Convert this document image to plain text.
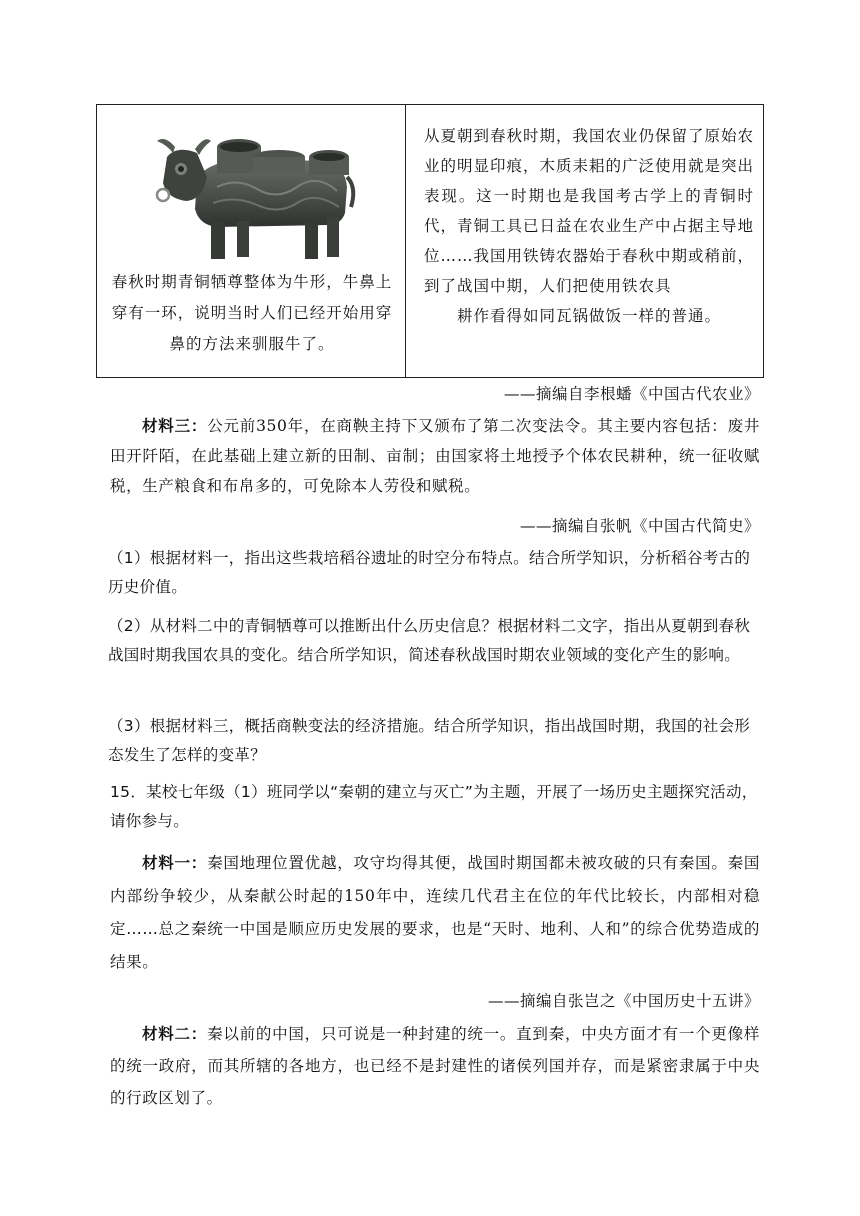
春秋时期青铜牺尊整体为牛形，牛鼻上穿有一环，说明当时人们已经开始用穿鼻的方法来驯服牛了。
从夏朝到春秋时期，我国农业仍保留了原始农业的明显印痕，木质耒耜的广泛使用就是突出表现。这一时期也是我国考古学上的青铜时代，青铜工具已日益在农业生产中占据主导地位……我国用铁铸农器始于春秋中期或稍前，到了战国中期，人们把使用铁农具
耕作看得如同瓦锅做饭一样的普通。
——摘编自李根蟠《中国古代农业》
材料三：公元前350年，在商鞅主持下又颁布了第二次变法令。其主要内容包括：废井田开阡陌，在此基础上建立新的田制、亩制；由国家将土地授予个体农民耕种，统一征收赋税，生产粮食和布帛多的，可免除本人劳役和赋税。
——摘编自张帆《中国古代简史》
（1）根据材料一，指出这些栽培稻谷遗址的时空分布特点。结合所学知识，分析稻谷考古的历史价值。
（2）从材料二中的青铜牺尊可以推断出什么历史信息？根据材料二文字，指出从夏朝到春秋战国时期我国农具的变化。结合所学知识，简述春秋战国时期农业领域的变化产生的影响。
（3）根据材料三，概括商鞅变法的经济措施。结合所学知识，指出战国时期，我国的社会形态发生了怎样的变革？
15．某校七年级（1）班同学以“秦朝的建立与灭亡”为主题，开展了一场历史主题探究活动，请你参与。
材料一：秦国地理位置优越，攻守均得其便，战国时期国都未被攻破的只有秦国。秦国内部纷争较少，从秦献公时起的150年中，连续几代君主在位的年代比较长，内部相对稳定……总之秦统一中国是顺应历史发展的要求，也是“天时、地利、人和”的综合优势造成的结果。
——摘编自张岂之《中国历史十五讲》
材料二：秦以前的中国，只可说是一种封建的统一。直到秦，中央方面才有一个更像样的统一政府，而其所辖的各地方，也已经不是封建性的诸侯列国并存，而是紧密隶属于中央的行政区划了。
